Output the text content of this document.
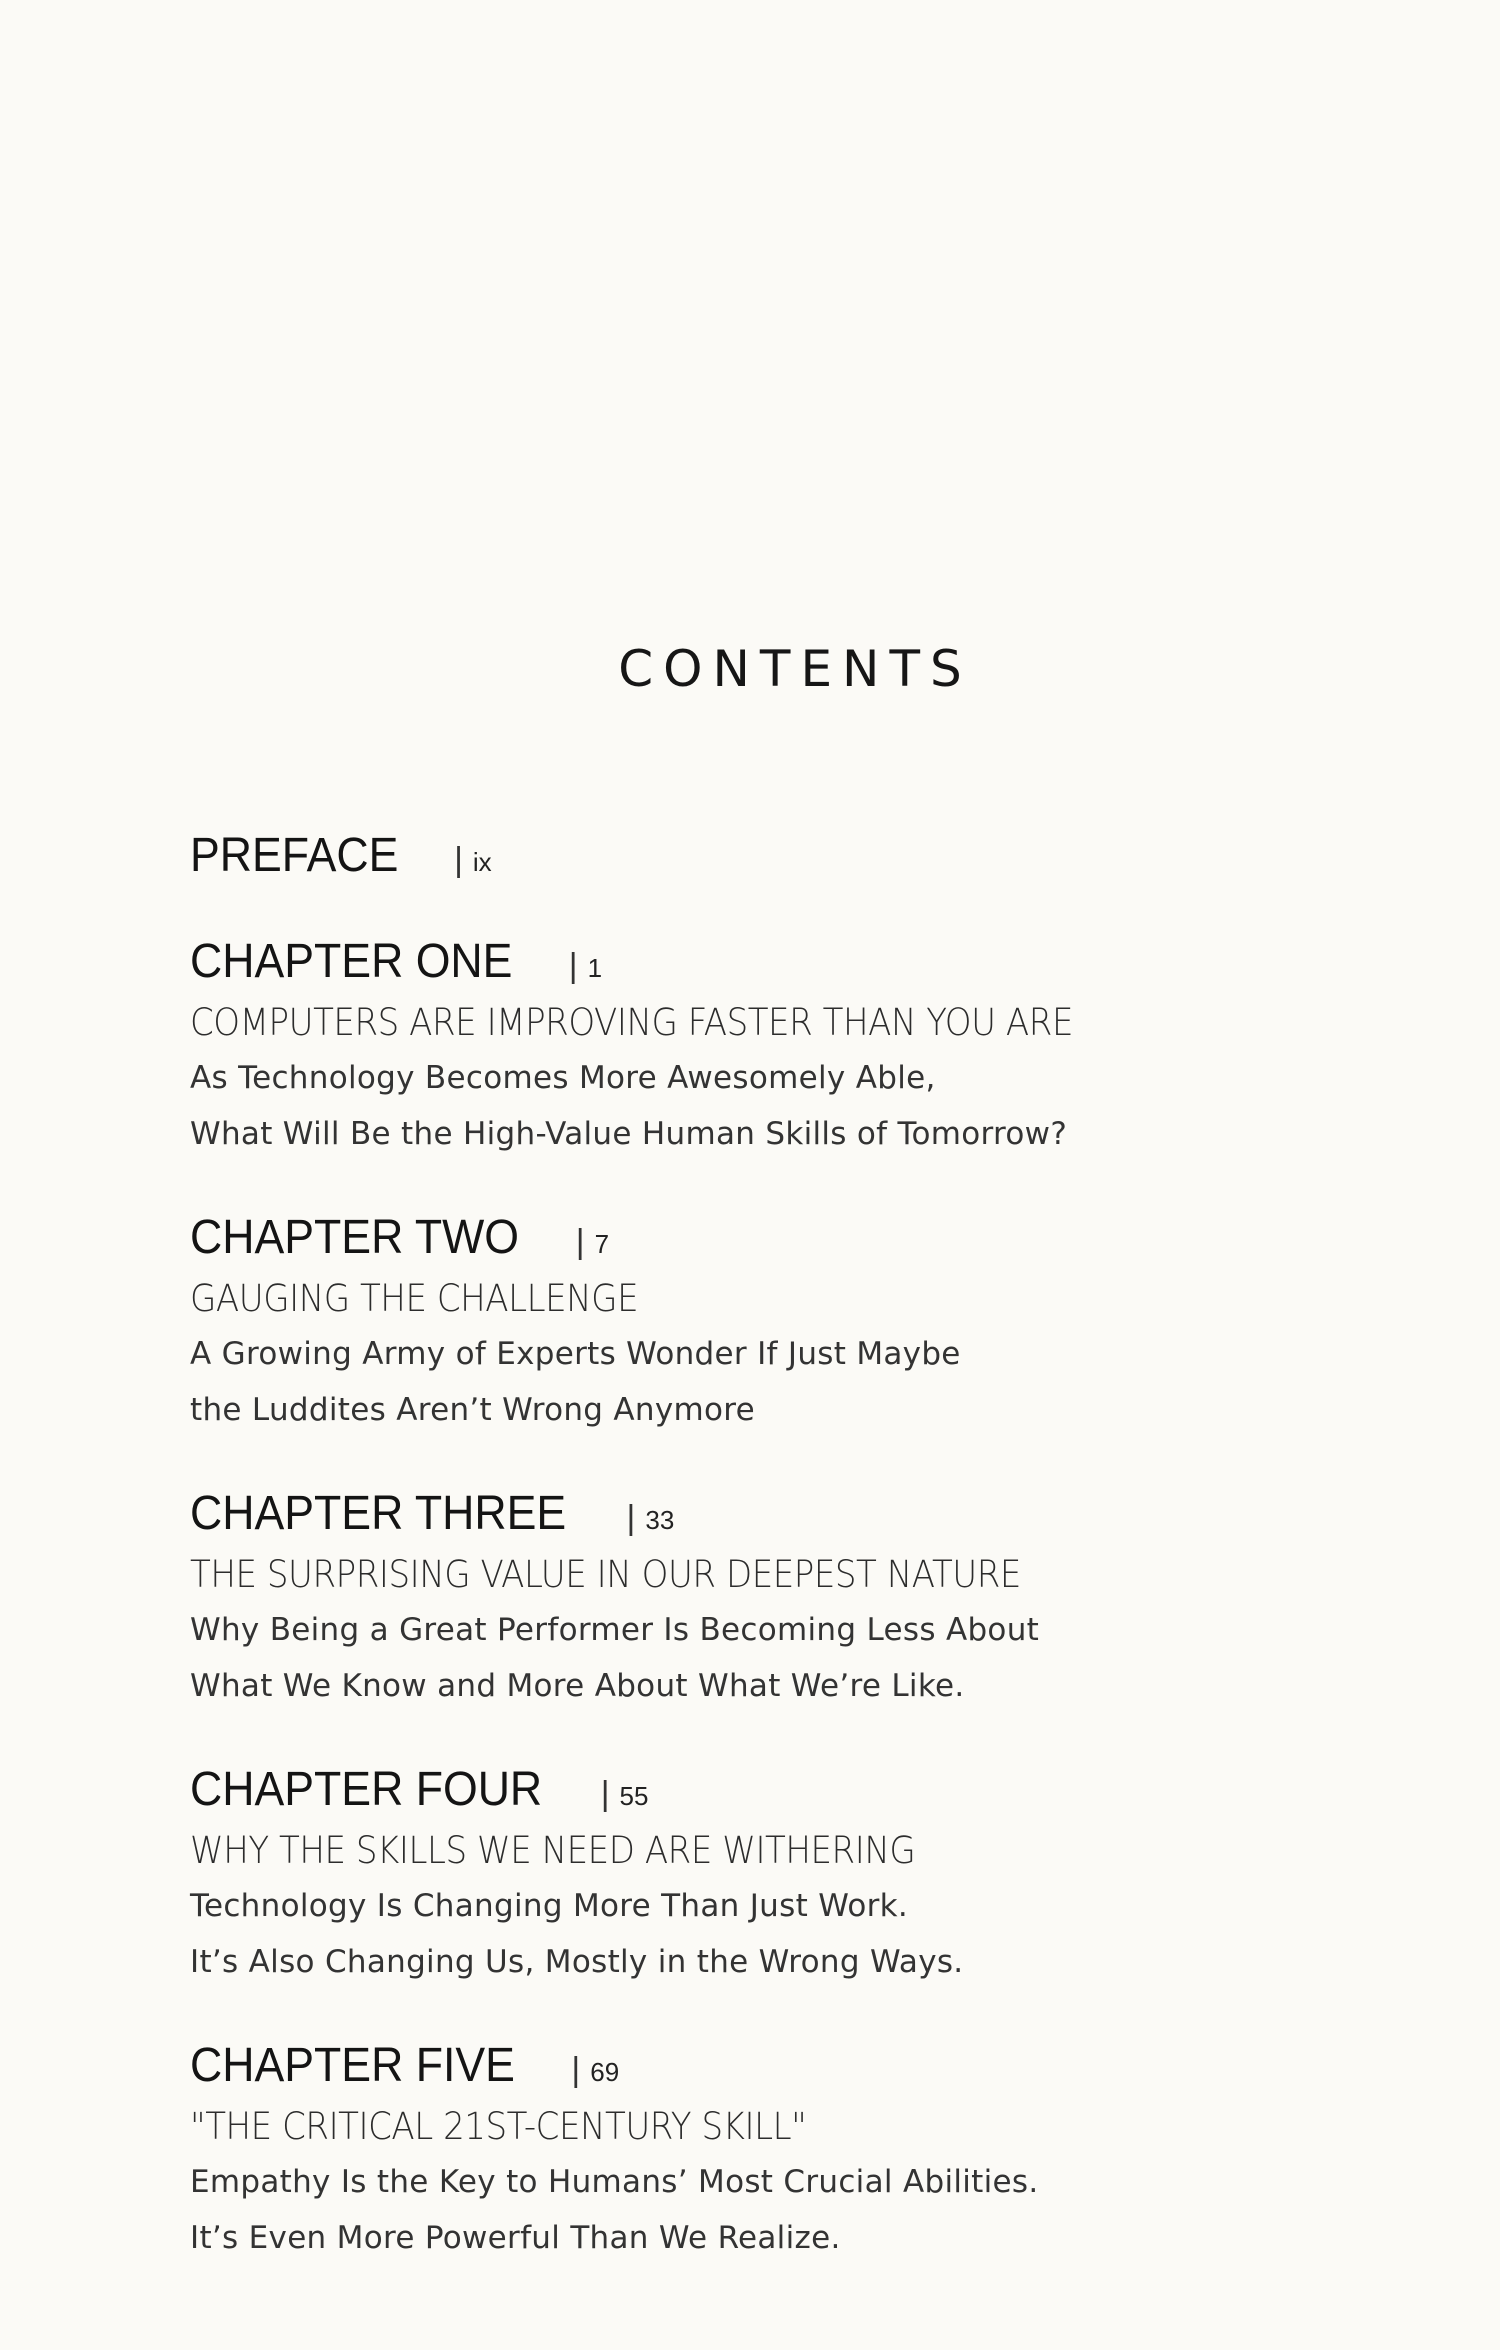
CONTENTS
PREFACE | ix
CHAPTER ONE | 1
COMPUTERS ARE IMPROVING FASTER THAN YOU ARE
As Technology Becomes More Awesomely Able,
What Will Be the High-Value Human Skills of Tomorrow?
CHAPTER TWO | 7
GAUGING THE CHALLENGE
A Growing Army of Experts Wonder If Just Maybe
the Luddites Aren’t Wrong Anymore
CHAPTER THREE | 33
THE SURPRISING VALUE IN OUR DEEPEST NATURE
Why Being a Great Performer Is Becoming Less About
What We Know and More About What We’re Like.
CHAPTER FOUR | 55
WHY THE SKILLS WE NEED ARE WITHERING
Technology Is Changing More Than Just Work.
It’s Also Changing Us, Mostly in the Wrong Ways.
CHAPTER FIVE | 69
"THE CRITICAL 21ST-CENTURY SKILL"
Empathy Is the Key to Humans’ Most Crucial Abilities.
It’s Even More Powerful Than We Realize.
